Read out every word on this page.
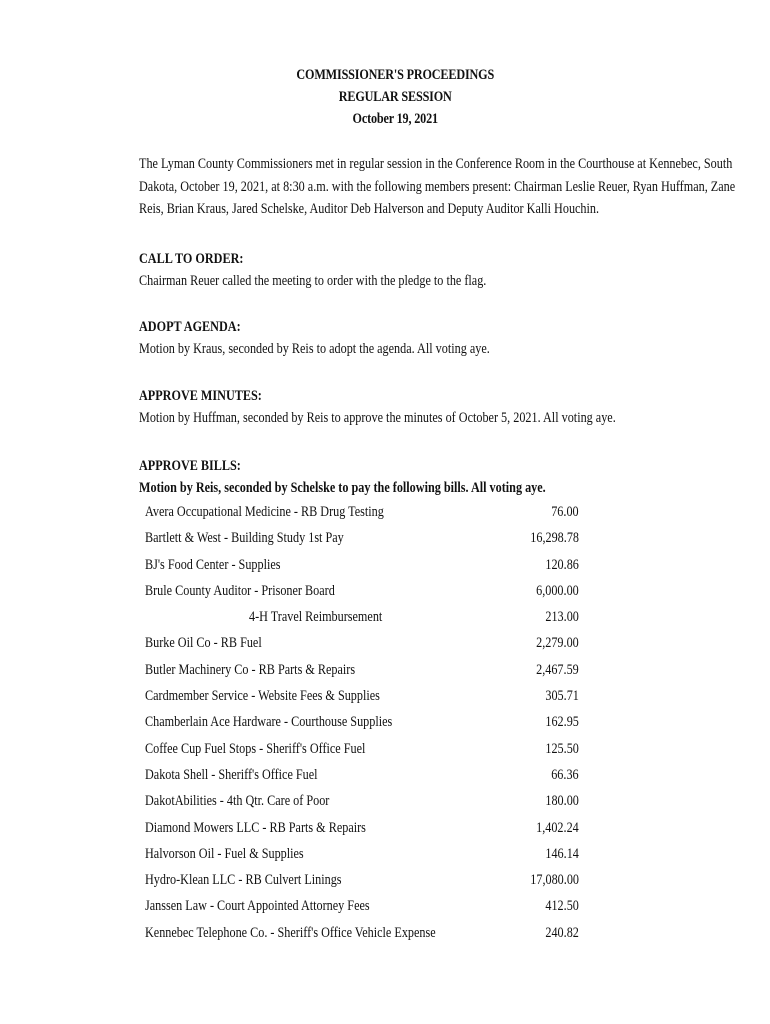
COMMISSIONER'S PROCEEDINGS
REGULAR SESSION
October 19, 2021
The Lyman County Commissioners met in regular session in the Conference Room in the Courthouse at Kennebec, South Dakota, October 19, 2021, at 8:30 a.m. with the following members present: Chairman Leslie Reuer, Ryan Huffman, Zane Reis, Brian Kraus, Jared Schelske, Auditor Deb Halverson and Deputy Auditor Kalli Houchin.
CALL TO ORDER:
Chairman Reuer called the meeting to order with the pledge to the flag.
ADOPT AGENDA:
Motion by Kraus, seconded by Reis to adopt the agenda. All voting aye.
APPROVE MINUTES:
Motion by Huffman, seconded by Reis to approve the minutes of October 5, 2021. All voting aye.
APPROVE BILLS:
Motion by Reis, seconded by Schelske to pay the following bills. All voting aye.
Avera Occupational Medicine - RB Drug Testing	76.00
Bartlett & West - Building Study 1st Pay	16,298.78
BJ's Food Center - Supplies	120.86
Brule County Auditor - Prisoner Board	6,000.00
4-H Travel Reimbursement	213.00
Burke Oil Co - RB Fuel	2,279.00
Butler Machinery Co - RB Parts & Repairs	2,467.59
Cardmember Service - Website Fees & Supplies	305.71
Chamberlain Ace Hardware - Courthouse Supplies	162.95
Coffee Cup Fuel Stops - Sheriff's Office Fuel	125.50
Dakota Shell - Sheriff's Office Fuel	66.36
DakotAbilities - 4th Qtr. Care of Poor	180.00
Diamond Mowers LLC - RB Parts & Repairs	1,402.24
Halvorson Oil - Fuel & Supplies	146.14
Hydro-Klean LLC - RB Culvert Linings	17,080.00
Janssen Law - Court Appointed Attorney Fees	412.50
Kennebec Telephone Co. - Sheriff's Office Vehicle Expense	240.82
